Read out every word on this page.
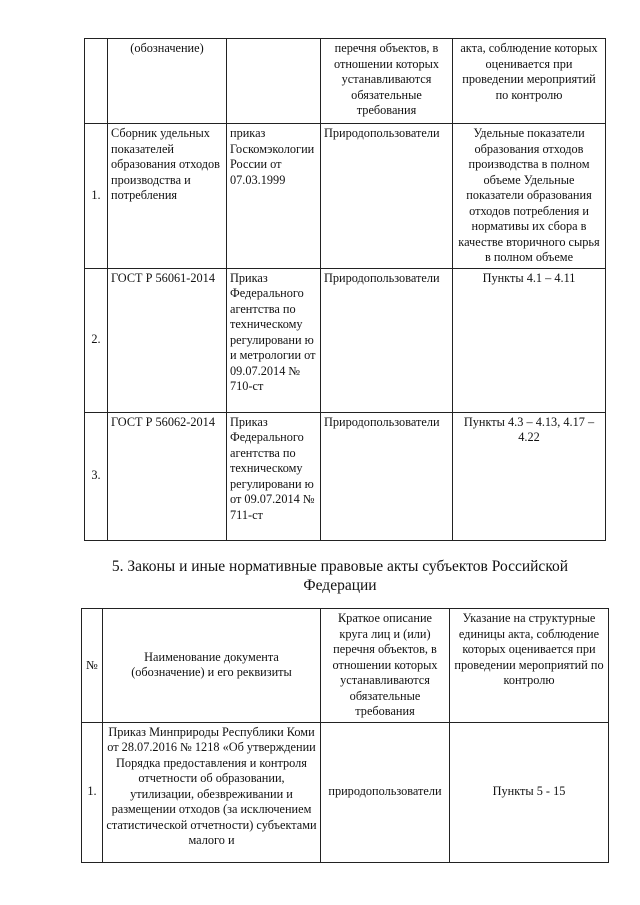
	(обозначение)		перечня объектов, в отношении которых устанавливаются обязательные требования	акта, соблюдение которых оценивается при проведении мероприятий по контролю
1.	Сборник удельных показателей образования отходов производства и потребления	приказ Госкомэкологии России от 07.03.1999	Природопользователи	Удельные показатели образования отходов производства в полном объеме Удельные показатели образования отходов потребления и нормативы их сбора в качестве вторичного сырья в полном объеме
2.	ГОСТ Р 56061-2014	Приказ Федерального агентства по техническому регулировани ю и метрологии от 09.07.2014 № 710-ст	Природопользователи	Пункты 4.1 – 4.11
3.	ГОСТ Р 56062-2014	Приказ Федерального агентства по техническому регулировани ю от 09.07.2014 № 711-ст	Природопользователи	Пункты 4.3 – 4.13, 4.17 – 4.22
5. Законы и иные нормативные правовые акты субъектов Российской Федерации
№	Наименование документа (обозначение) и его реквизиты	Краткое описание круга лиц и (или) перечня объектов, в отношении которых устанавливаются обязательные требования	Указание на структурные единицы акта, соблюдение которых оценивается при проведении мероприятий по контролю
1.	Приказ Минприроды Республики Коми от 28.07.2016 № 1218 «Об утверждении Порядка предоставления и контроля отчетности об образовании, утилизации, обезвреживании и размещении отходов (за исключением статистической отчетности) субъектами малого и	природопользователи	Пункты 5 - 15
